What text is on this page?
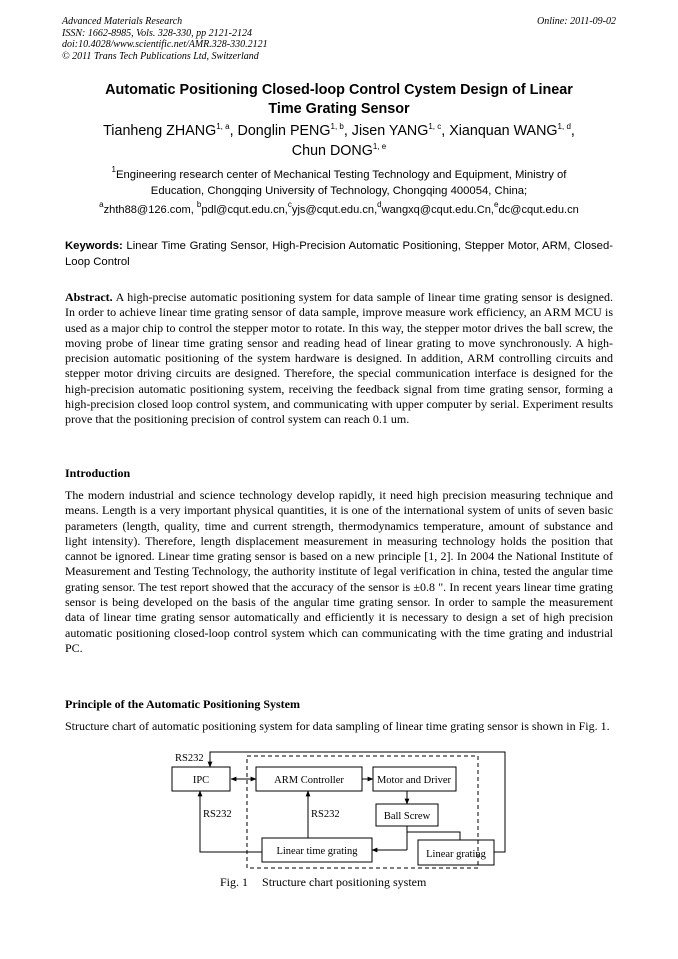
Advanced Materials Research
ISSN: 1662-8985, Vols. 328-330, pp 2121-2124
doi:10.4028/www.scientific.net/AMR.328-330.2121
© 2011 Trans Tech Publications Ltd, Switzerland
Online: 2011-09-02
Automatic Positioning Closed-loop Control Cystem Design of Linear
Time Grating Sensor
Tianheng ZHANG$^{1, a}$, Donglin PENG$^{1, b}$, Jisen YANG$^{1, c}$, Xianquan WANG$^{1, d}$,
Chun DONG$^{1, e}$
$^1$Engineering research center of Mechanical Testing Technology and Equipment, Ministry of
Education, Chongqing University of Technology, Chongqing 400054, China;
$^a$zhth88@126.com, $^b$pdl@cqut.edu.cn,$^c$yjs@cqut.edu.cn,$^d$wangxq@cqut.edu.Cn,$^e$dc@cqut.edu.cn
Keywords: Linear Time Grating Sensor, High-Precision Automatic Positioning, Stepper Motor, ARM, Closed-Loop Control
Abstract. A high-precise automatic positioning system for data sample of linear time grating sensor is designed. In order to achieve linear time grating sensor of data sample, improve measure work efficiency, an ARM MCU is used as a major chip to control the stepper motor to rotate. In this way, the stepper motor drives the ball screw, the moving probe of linear time grating sensor and reading head of linear grating to move synchronously. A high-precision automatic positioning of the system hardware is designed. In addition, ARM controlling circuits and stepper motor driving circuits are designed. Therefore, the special communication interface is designed for the high-precision automatic positioning system, receiving the feedback signal from time grating sensor, forming a high-precision closed loop control system, and communicating with upper computer by serial. Experiment results prove that the positioning precision of control system can reach 0.1 um.
Introduction
The modern industrial and science technology develop rapidly, it need high precision measuring technique and means. Length is a very important physical quantities, it is one of the international system of units of seven basic parameters (length, quality, time and current strength, thermodynamics temperature, amount of substance and light intensity). Therefore, length displacement measurement in measuring technology holds the position that cannot be ignored. Linear time grating sensor is based on a new principle [1, 2]. In 2004 the National Institute of Measurement and Testing Technology, the authority institute of legal verification in china, tested the angular time grating sensor. The test report showed that the accuracy of the sensor is ±0.8 ". In recent years linear time grating sensor is being developed on the basis of the angular time grating sensor. In order to sample the measurement data of linear time grating sensor automatically and efficiently it is necessary to design a set of high precision automatic positioning closed-loop control system which can communicating with the time grating and industrial PC.
Principle of the Automatic Positioning System
Structure chart of automatic positioning system for data sampling of linear time grating sensor is shown in Fig. 1.
RS232
RS232	RS232
IPC	ARM Controller	Motor and Driver
Ball Screw
Linear time grating	Linear grating
Fig. 1 Structure chart positioning system
